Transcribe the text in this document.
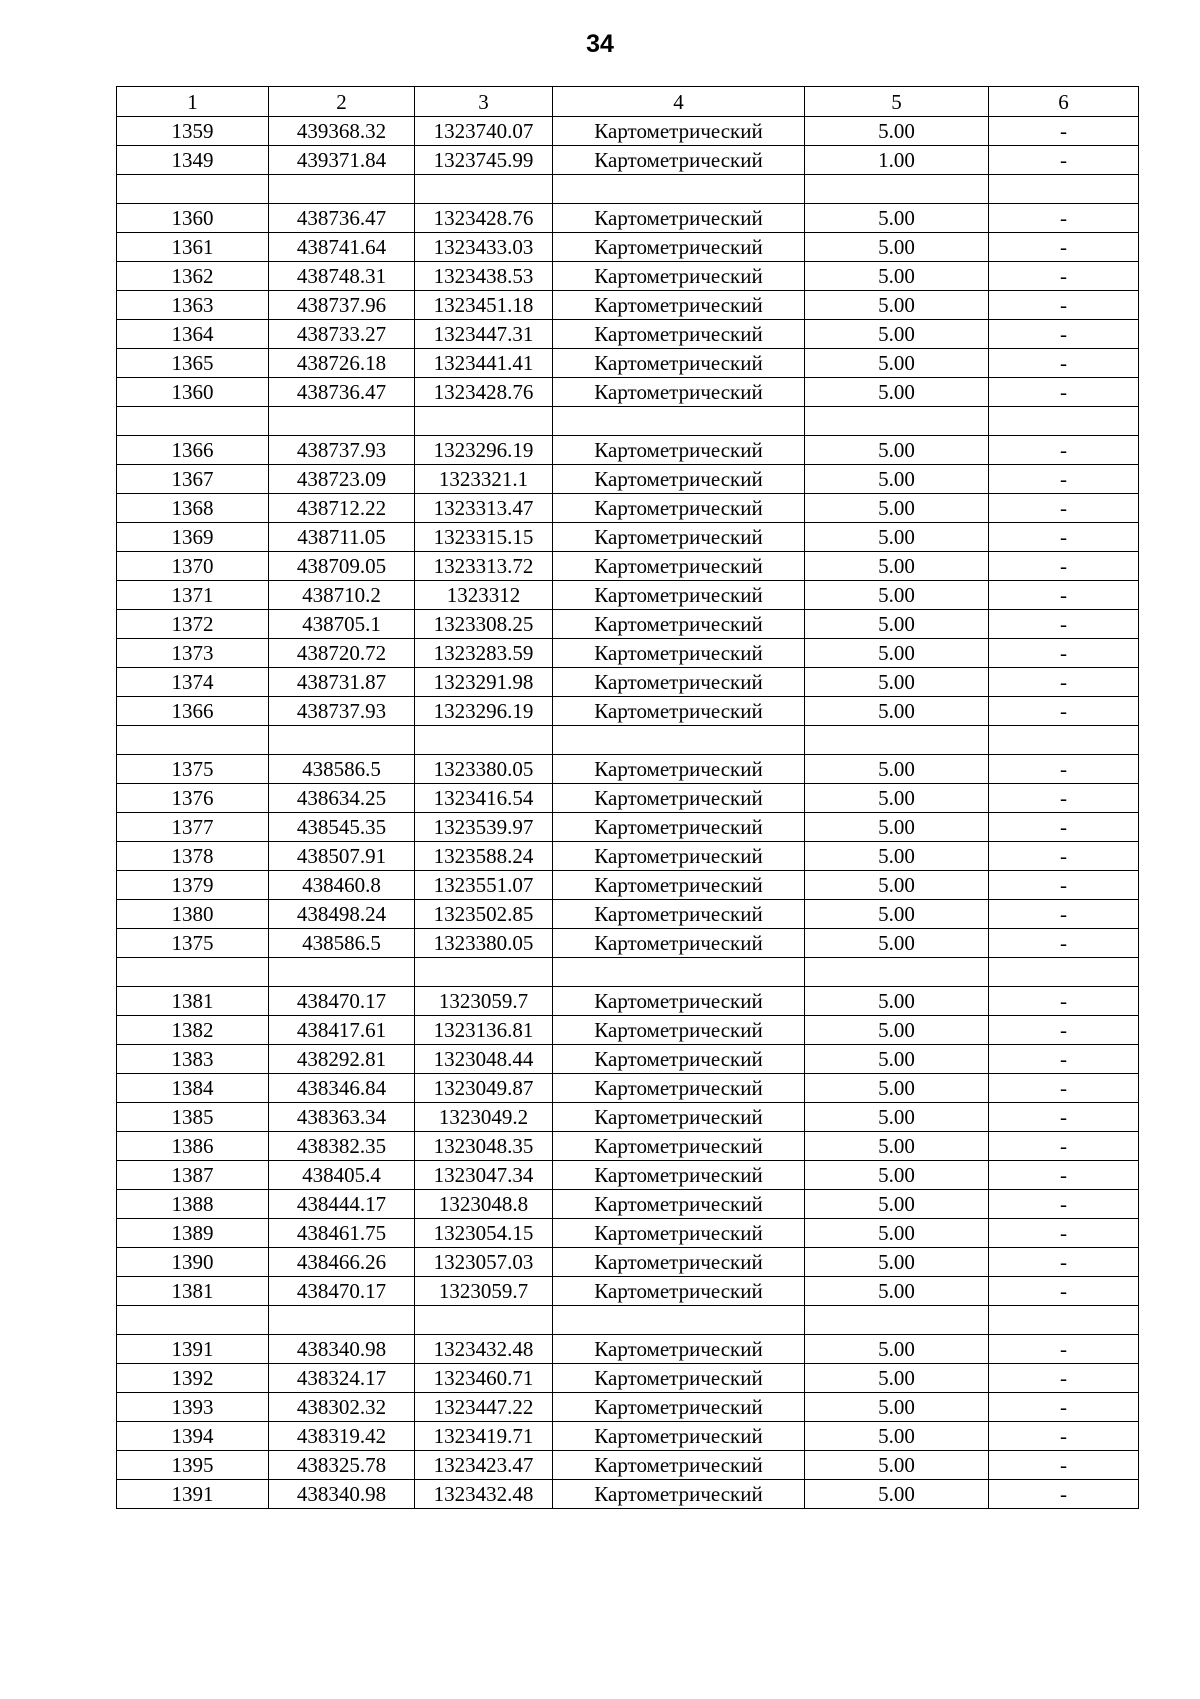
34
1	2	3	4	5	6
1359	439368.32	1323740.07	Картометрический	5.00	-
1349	439371.84	1323745.99	Картометрический	1.00	-

1360	438736.47	1323428.76	Картометрический	5.00	-
1361	438741.64	1323433.03	Картометрический	5.00	-
1362	438748.31	1323438.53	Картометрический	5.00	-
1363	438737.96	1323451.18	Картометрический	5.00	-
1364	438733.27	1323447.31	Картометрический	5.00	-
1365	438726.18	1323441.41	Картометрический	5.00	-
1360	438736.47	1323428.76	Картометрический	5.00	-

1366	438737.93	1323296.19	Картометрический	5.00	-
1367	438723.09	1323321.1	Картометрический	5.00	-
1368	438712.22	1323313.47	Картометрический	5.00	-
1369	438711.05	1323315.15	Картометрический	5.00	-
1370	438709.05	1323313.72	Картометрический	5.00	-
1371	438710.2	1323312	Картометрический	5.00	-
1372	438705.1	1323308.25	Картометрический	5.00	-
1373	438720.72	1323283.59	Картометрический	5.00	-
1374	438731.87	1323291.98	Картометрический	5.00	-
1366	438737.93	1323296.19	Картометрический	5.00	-

1375	438586.5	1323380.05	Картометрический	5.00	-
1376	438634.25	1323416.54	Картометрический	5.00	-
1377	438545.35	1323539.97	Картометрический	5.00	-
1378	438507.91	1323588.24	Картометрический	5.00	-
1379	438460.8	1323551.07	Картометрический	5.00	-
1380	438498.24	1323502.85	Картометрический	5.00	-
1375	438586.5	1323380.05	Картометрический	5.00	-

1381	438470.17	1323059.7	Картометрический	5.00	-
1382	438417.61	1323136.81	Картометрический	5.00	-
1383	438292.81	1323048.44	Картометрический	5.00	-
1384	438346.84	1323049.87	Картометрический	5.00	-
1385	438363.34	1323049.2	Картометрический	5.00	-
1386	438382.35	1323048.35	Картометрический	5.00	-
1387	438405.4	1323047.34	Картометрический	5.00	-
1388	438444.17	1323048.8	Картометрический	5.00	-
1389	438461.75	1323054.15	Картометрический	5.00	-
1390	438466.26	1323057.03	Картометрический	5.00	-
1381	438470.17	1323059.7	Картометрический	5.00	-

1391	438340.98	1323432.48	Картометрический	5.00	-
1392	438324.17	1323460.71	Картометрический	5.00	-
1393	438302.32	1323447.22	Картометрический	5.00	-
1394	438319.42	1323419.71	Картометрический	5.00	-
1395	438325.78	1323423.47	Картометрический	5.00	-
1391	438340.98	1323432.48	Картометрический	5.00	-
